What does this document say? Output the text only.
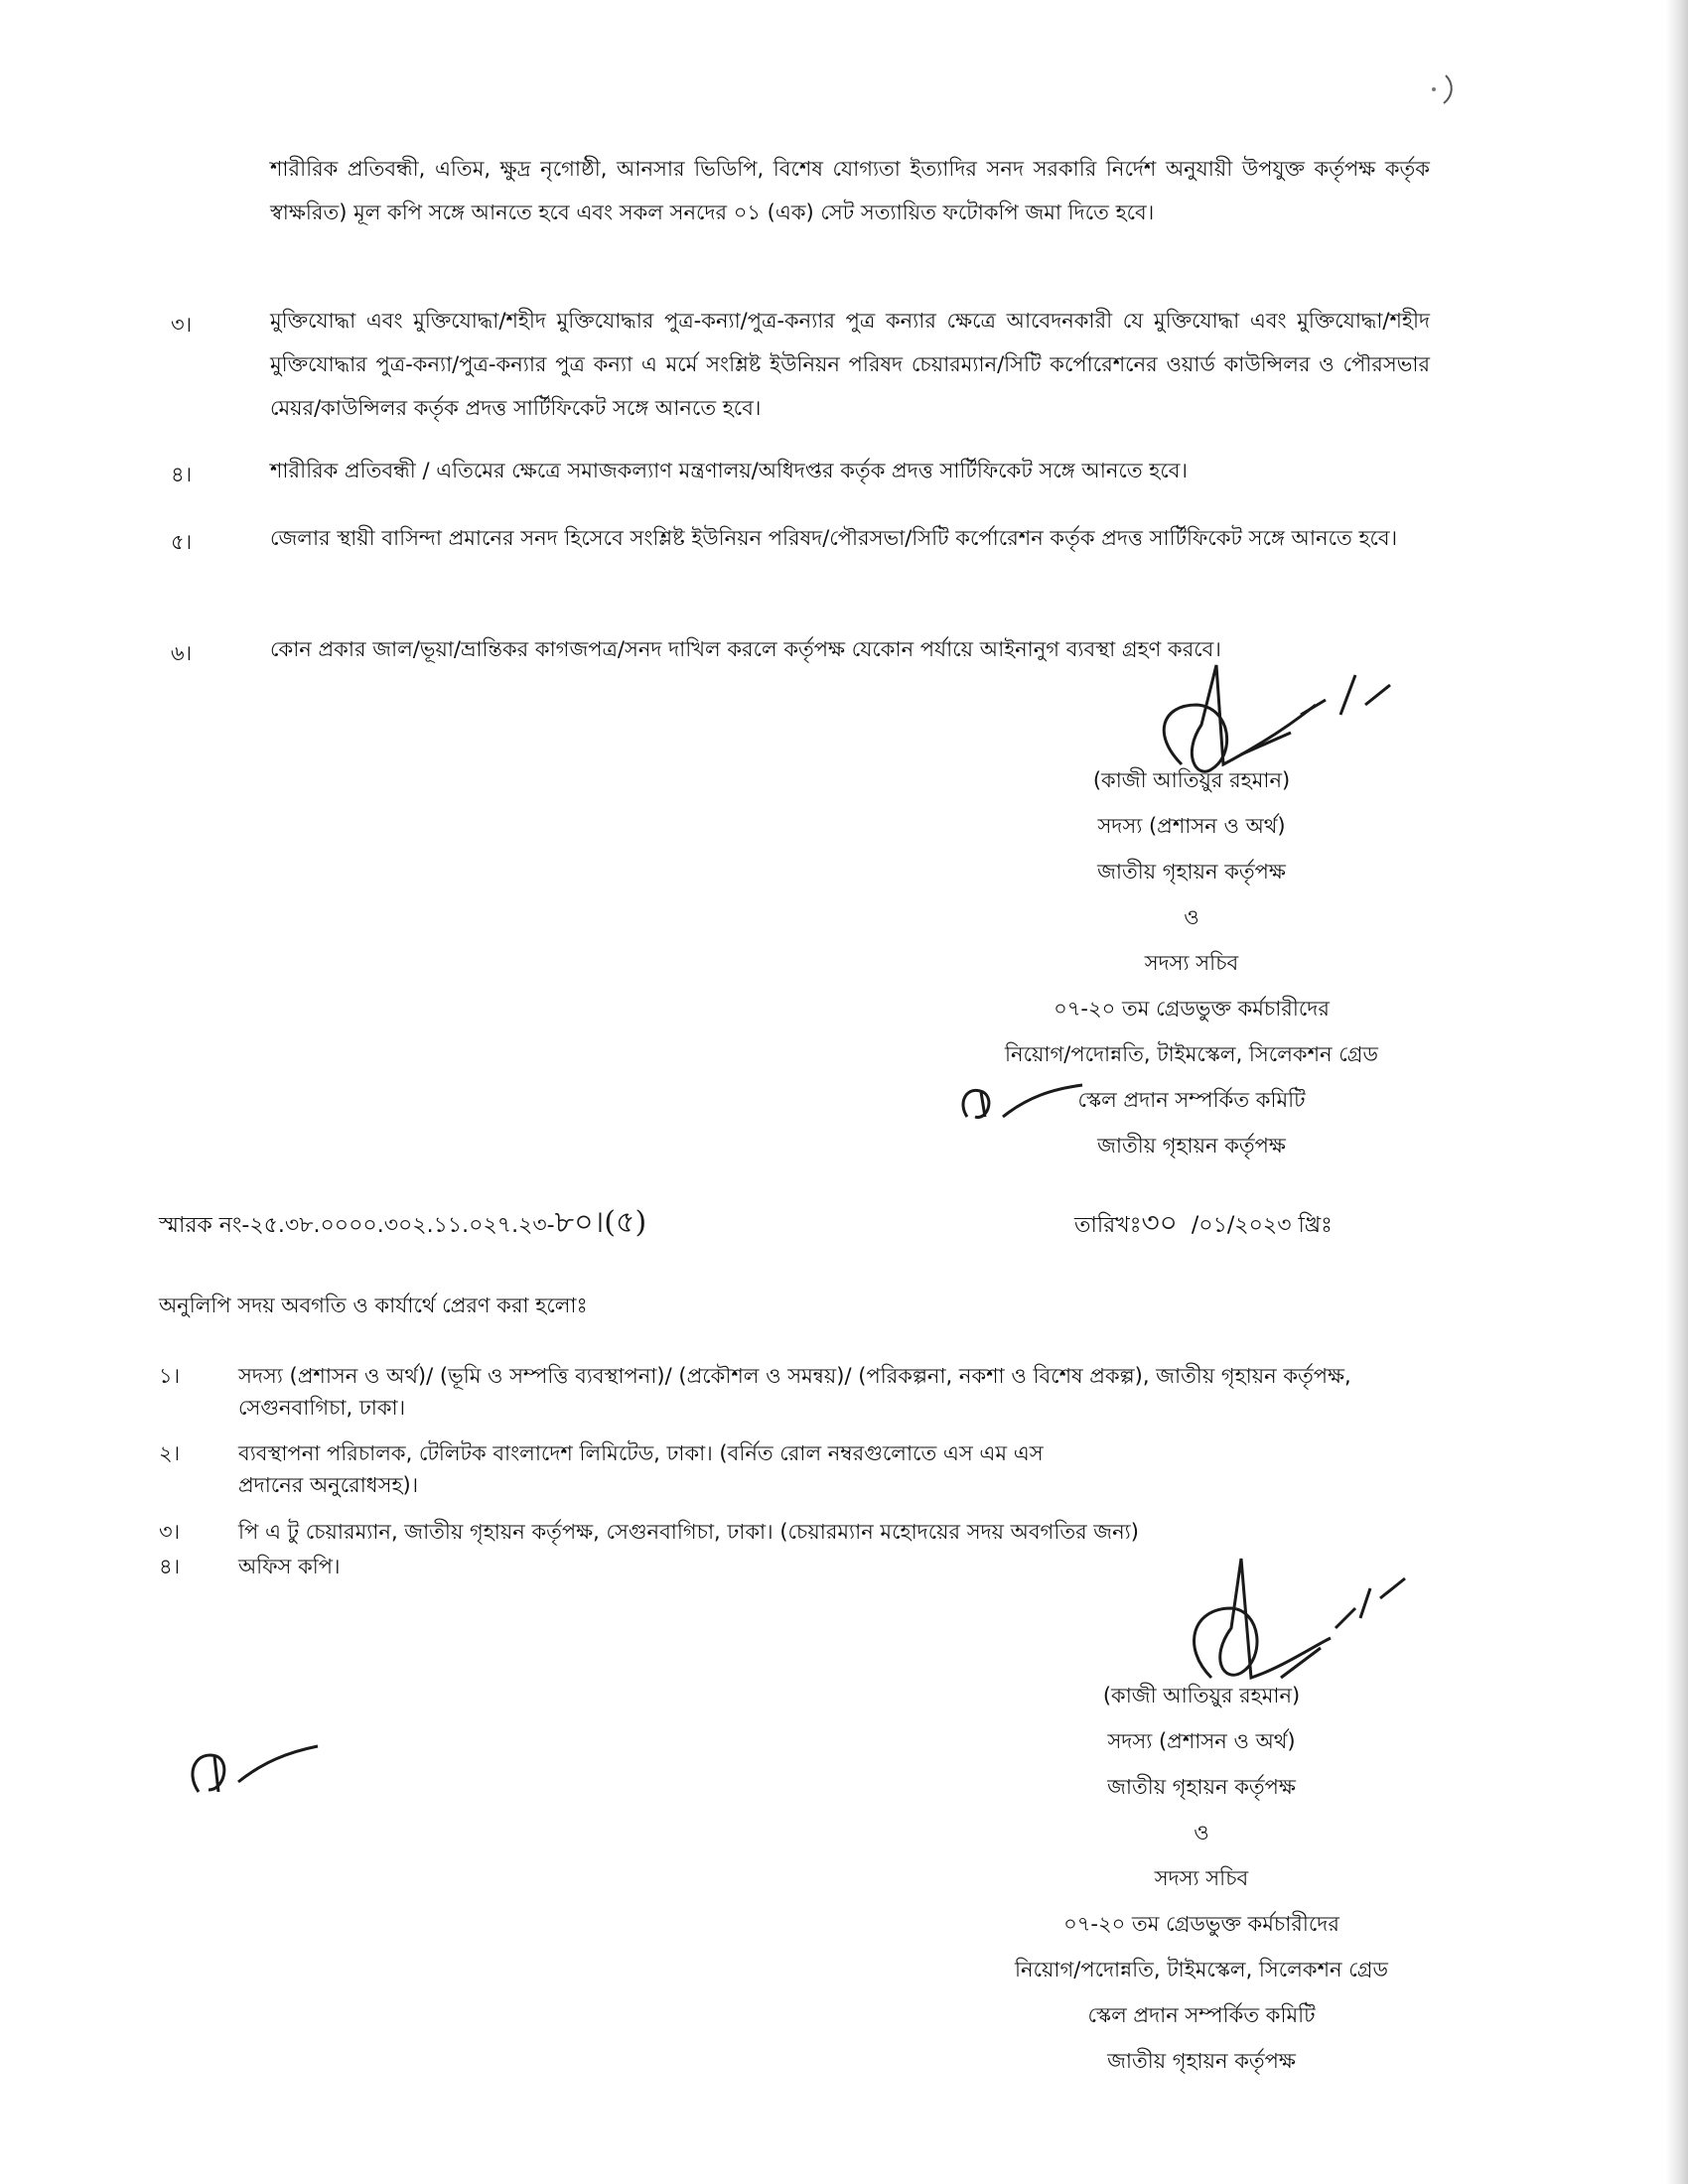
শারীরিক প্রতিবন্ধী, এতিম, ক্ষুদ্র নৃগোষ্ঠী, আনসার ভিডিপি, বিশেষ যোগ্যতা ইত্যাদির সনদ সরকারি নির্দেশ অনুযায়ী উপযুক্ত কর্তৃপক্ষ কর্তৃক স্বাক্ষরিত) মূল কপি সঙ্গে আনতে হবে এবং সকল সনদের ০১ (এক) সেট সত্যায়িত ফটোকপি জমা দিতে হবে।

৩।	মুক্তিযোদ্ধা এবং মুক্তিযোদ্ধা/শহীদ মুক্তিযোদ্ধার পুত্র-কন্যা/পুত্র-কন্যার পুত্র কন্যার ক্ষেত্রে আবেদনকারী যে মুক্তিযোদ্ধা এবং মুক্তিযোদ্ধা/শহীদ মুক্তিযোদ্ধার পুত্র-কন্যা/পুত্র-কন্যার পুত্র কন্যা এ মর্মে সংশ্লিষ্ট ইউনিয়ন পরিষদ চেয়ারম্যান/সিটি কর্পোরেশনের ওয়ার্ড কাউন্সিলর ও পৌরসভার মেয়র/কাউন্সিলর কর্তৃক প্রদত্ত সার্টিফিকেট সঙ্গে আনতে হবে।

৪।	শারীরিক প্রতিবন্ধী / এতিমের ক্ষেত্রে সমাজকল্যাণ মন্ত্রণালয়/অধিদপ্তর কর্তৃক প্রদত্ত সার্টিফিকেট সঙ্গে আনতে হবে।

৫।	জেলার স্থায়ী বাসিন্দা প্রমানের সনদ হিসেবে সংশ্লিষ্ট ইউনিয়ন পরিষদ/পৌরসভা/সিটি কর্পোরেশন কর্তৃক প্রদত্ত সার্টিফিকেট সঙ্গে আনতে হবে।

৬।	কোন প্রকার জাল/ভূয়া/ভ্রান্তিকর কাগজপত্র/সনদ দাখিল করলে কর্তৃপক্ষ যেকোন পর্যায়ে আইনানুগ ব্যবস্থা গ্রহণ করবে।

(কাজী আতিয়ুর রহমান)
সদস্য (প্রশাসন ও অর্থ)
জাতীয় গৃহায়ন কর্তৃপক্ষ
ও
সদস্য সচিব
০৭-২০ তম গ্রেডভুক্ত কর্মচারীদের
নিয়োগ/পদোন্নতি, টাইমস্কেল, সিলেকশন গ্রেড
স্কেল প্রদান সম্পর্কিত কমিটি
জাতীয় গৃহায়ন কর্তৃপক্ষ
স্মারক নং-২৫.৩৮.০০০০.৩০২.১১.০২৭.২৩-৮০।(৫)	তারিখঃ৩০ /০১/২০২৩ খ্রিঃ
অনুলিপি সদয় অবগতি ও কার্যার্থে প্রেরণ করা হলোঃ
১।	সদস্য (প্রশাসন ও অর্থ)/ (ভূমি ও সম্পত্তি ব্যবস্থাপনা)/ (প্রকৌশল ও সমন্বয়)/ (পরিকল্পনা, নকশা ও বিশেষ প্রকল্প), জাতীয় গৃহায়ন কর্তৃপক্ষ, সেগুনবাগিচা, ঢাকা।
২।	ব্যবস্থাপনা পরিচালক, টেলিটক বাংলাদেশ লিমিটেড, ঢাকা। (বর্নিত রোল নম্বরগুলোতে এস এম এস প্রদানের অনুরোধসহ)।
৩।	পি এ টু চেয়ারম্যান, জাতীয় গৃহায়ন কর্তৃপক্ষ, সেগুনবাগিচা, ঢাকা। (চেয়ারম্যান মহোদয়ের সদয় অবগতির জন্য)
৪।	অফিস কপি।
(কাজী আতিয়ুর রহমান)
সদস্য (প্রশাসন ও অর্থ)
জাতীয় গৃহায়ন কর্তৃপক্ষ
ও
সদস্য সচিব
০৭-২০ তম গ্রেডভুক্ত কর্মচারীদের
নিয়োগ/পদোন্নতি, টাইমস্কেল, সিলেকশন গ্রেড
স্কেল প্রদান সম্পর্কিত কমিটি
জাতীয় গৃহায়ন কর্তৃপক্ষ
